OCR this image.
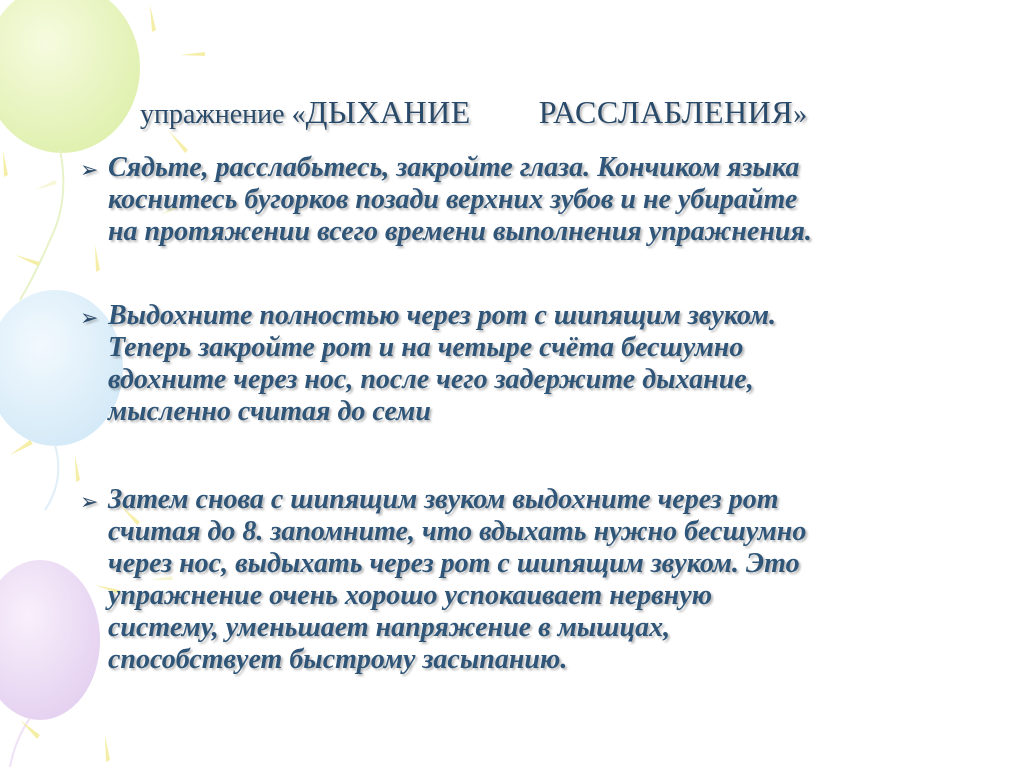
упражнение «ДЫХАНИЕ        РАССЛАБЛЕНИЯ»
➢ Сядьте, расслабьтесь, закройте глаза. Кончиком языка
коснитесь бугорков позади верхних зубов и не убирайте
на протяжении всего времени выполнения упражнения.
➢ Выдохните полностью через рот с шипящим звуком.
Теперь закройте рот и на четыре счёта бесшумно
вдохните через нос, после чего задержите дыхание,
мысленно считая до семи
➢ Затем снова с шипящим звуком выдохните через рот
считая до 8. запомните, что вдыхать нужно бесшумно
через нос, выдыхать через рот с шипящим звуком. Это
упражнение очень хорошо успокаивает нервную
систему, уменьшает напряжение в мышцах,
способствует быстрому засыпанию.
